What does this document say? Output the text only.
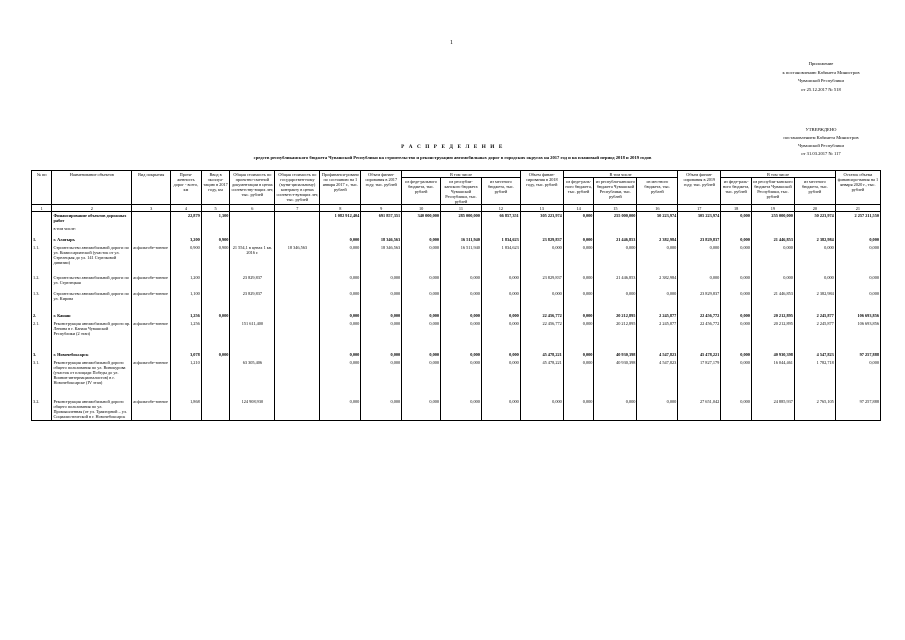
1
Приложение
к постановлению Кабинета Министров
Чувашской Республики
от 25.12.2017 № 518
УТВЕРЖДЕНО
постановлением Кабинета Министров
Чувашской Республики
от 31.03.2017 № 117
Р А С П Р Е Д Е Л Е Н И Е
средств республиканского бюджета Чувашской Республики на строительство и реконструкцию автомобильных дорог в городских округах на 2017 год и на плановый период 2018 и 2019 годов
№ пп	Наименование объектов	Вид покрытия	Протя-женность дорог - всего, км	Ввод в эксплуа-тацию в 2017 году, км	Общая стоимость по проектно-сметной документации в ценах соответству-ющих лет, тыс. рублей	Общая стоимость по государствен-ному (муни-ципальному) контракту в ценах соответст-вующих лет, тыс. рублей	Профинанси-ровано по состоянию на 1 января 2017 г., тыс. рублей	Объем финан-сирования в 2017 году, тыс. рублей	В том числе			Объем финан-сирования в 2018 году, тыс. рублей	В том числе			Объем финан-сирования в 2019 году, тыс. рублей	В том числе			Остаток объема финансиро-вания на 1 января 2020 г., тыс. рублей
									из феде-рального бюджета, тыс. рублей	из республи-канского бюджета Чувашской Республики, тыс. рублей	из местного бюджета, тыс. рублей		из феде-раль-ного бюджета, тыс. рублей	из республи-канского бюджета Чувашской Республики, тыс. рублей	из местного бюджета, тыс. рублей		из феде-раль-ного бюджета, тыс. рублей	из республи-канского бюджета Чувашской Республики, тыс. рублей	из местного бюджета, тыс. рублей	
1	2	3	4	5	6	7	8	9	10	11	12	13	14	15	16	17	18	19	20	21
	Финансирование объектов дорожных работ		22,879	1,300			1 082 912,404	691 857,351	340 000,000	285 000,000	66 857,351	305 223,974	0,000	255 000,000	50 223,974	305 223,974	0,000	255 000,000	50 223,974	2 257 211,550
	в том числе:																			
1.	г. Алатырь		3,200	0,900			0,000	18 346,563	0,000	16 511,940	1 834,623	23 829,837	0,000	21 446,853	2 382,984	23 829,837	0,000	21 446,853	2 382,984	0,000
1.1.	Строительство автомобильной дороги по ул. Комиссариатской (участок от ул. Стрелецкая до ул. 141 Стрелковой дивизии)	асфальтобе-тонное	0,900	0,900	21 554,1 в ценах 1 кв. 2016 г.	18 346,563	0,000	18 346,563	0,000	16 511,940	1 834,623	0,000	0,000	0,000	0,000	0,000	0,000	0,000	0,000	0,000
1.2.	Строительство автомобильной дороги по ул. Стрелецкая	асфальтобе-тонное	1,200		23 829,837		0,000	0,000	0,000	0,000	0,000	23 829,837	0,000	21 446,853	2 382,984	0,000	0,000	0,000	0,000	0,000
1.3.	Строительство автомобильной дороги по ул. Кирова	асфальтобе-тонное	1,100		23 829,837		0,000	0,000	0,000	0,000	0,000	0,000	0,000	0,000	0,000	23 829,837	0,000	21 446,853	2 382,984	0,000
2.	г. Канаш		1,256	0,000			0,000	0,000	0,000	0,000	0,000	22 456,772	0,000	20 212,895	2 245,877	22 456,772	0,000	20 212,895	2 245,877	106 693,856
2.1.	Реконструкция автомобильной дороги пр. Ленина в г. Канаш Чувашской Республики (2 этап)	асфальтобе-тонное	1,256		151 611,400		0,000	0,000	0,000	0,000	0,000	22 456,772	0,000	20 212,895	2 245,877	22 456,772	0,000	20 212,895	2 245,877	106 693,856
3.	г. Новочебоксарск		3,078	0,000			0,000	0,000	0,000	0,000	0,000	45 478,221	0,000	40 930,398	4 547,823	45 478,221	0,000	40 930,398	4 547,823	97 257,888
3.1.	Реконструкция автомобильной дороги общего пользования по ул. Винокурова (участок от площади Победы до ул. Воинов-интернационалистов) в г. Новочебоксарске (IV этап)	асфальтобе-тонное	1,210		63 305,406		0,000	0,000	0,000	0,000	0,000	45 478,221	0,000	40 930,398	4 547,823	17 827,179	0,000	16 044,461	1 782,718	0,000
3.2.	Реконструкция автомобильной дороги общего пользования по ул. Промышленная (от ул. Тракторной – ул. Социалистической в г. Новочебоксарск	асфальтобе-тонное	1,868		124 908,930		0,000	0,000	0,000	0,000	0,000	0,000	0,000	0,000	0,000	27 651,042	0,000	24 885,937	2 765,105	97 257,888
